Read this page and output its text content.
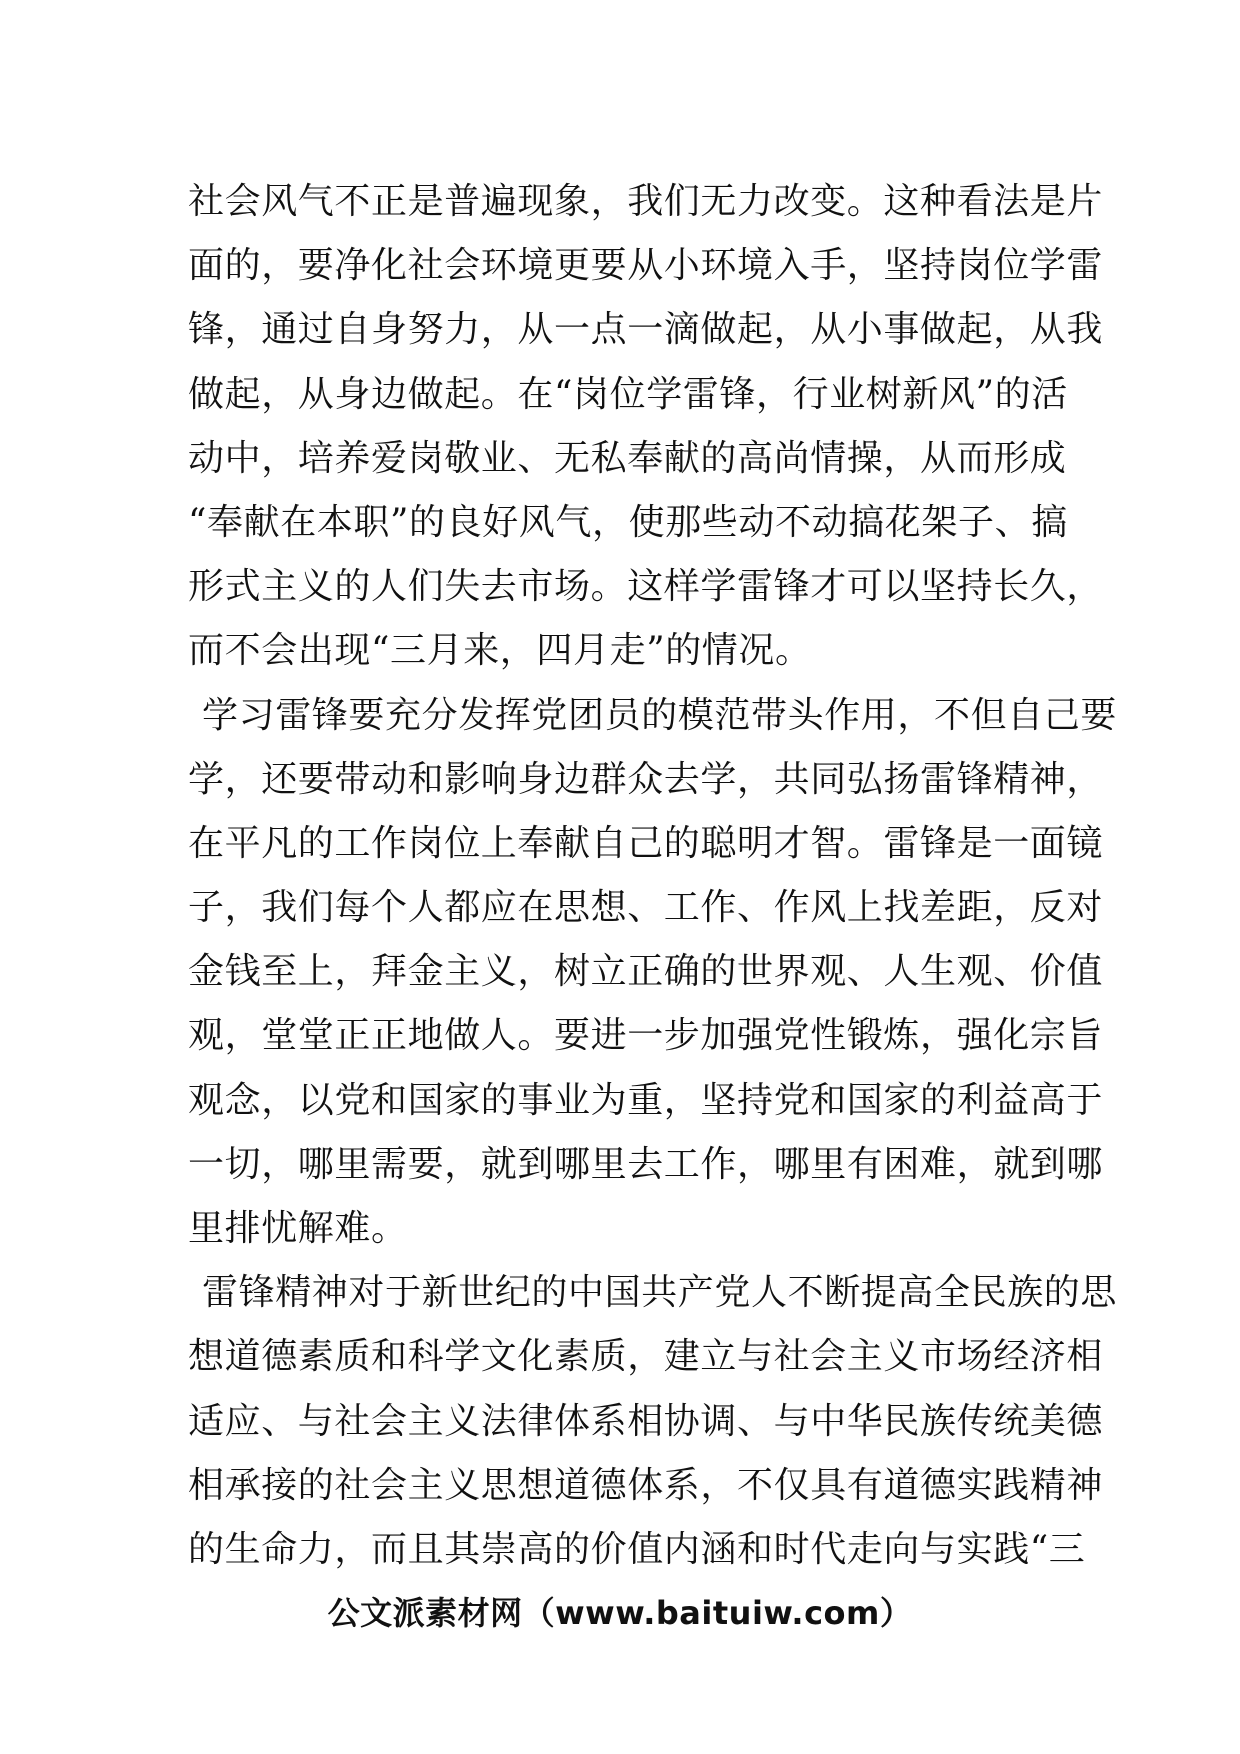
社会风气不正是普遍现象，我们无力改变。这种看法是片
面的，要净化社会环境更要从小环境入手，坚持岗位学雷
锋，通过自身努力，从一点一滴做起，从小事做起，从我
做起，从身边做起。在“岗位学雷锋，行业树新风”的活
动中，培养爱岗敬业、无私奉献的高尚情操，从而形成
“奉献在本职”的良好风气，使那些动不动搞花架子、搞
形式主义的人们失去市场。这样学雷锋才可以坚持长久，
而不会出现“三月来，四月走”的情况。
学习雷锋要充分发挥党团员的模范带头作用，不但自己要
学，还要带动和影响身边群众去学，共同弘扬雷锋精神，
在平凡的工作岗位上奉献自己的聪明才智。雷锋是一面镜
子，我们每个人都应在思想、工作、作风上找差距，反对
金钱至上，拜金主义，树立正确的世界观、人生观、价值
观，堂堂正正地做人。要进一步加强党性锻炼，强化宗旨
观念，以党和国家的事业为重，坚持党和国家的利益高于
一切，哪里需要，就到哪里去工作，哪里有困难，就到哪
里排忧解难。
雷锋精神对于新世纪的中国共产党人不断提高全民族的思
想道德素质和科学文化素质，建立与社会主义市场经济相
适应、与社会主义法律体系相协调、与中华民族传统美德
相承接的社会主义思想道德体系，不仅具有道德实践精神
的生命力，而且其崇高的价值内涵和时代走向与实践“三
公文派素材网（www.baituiw.com）
